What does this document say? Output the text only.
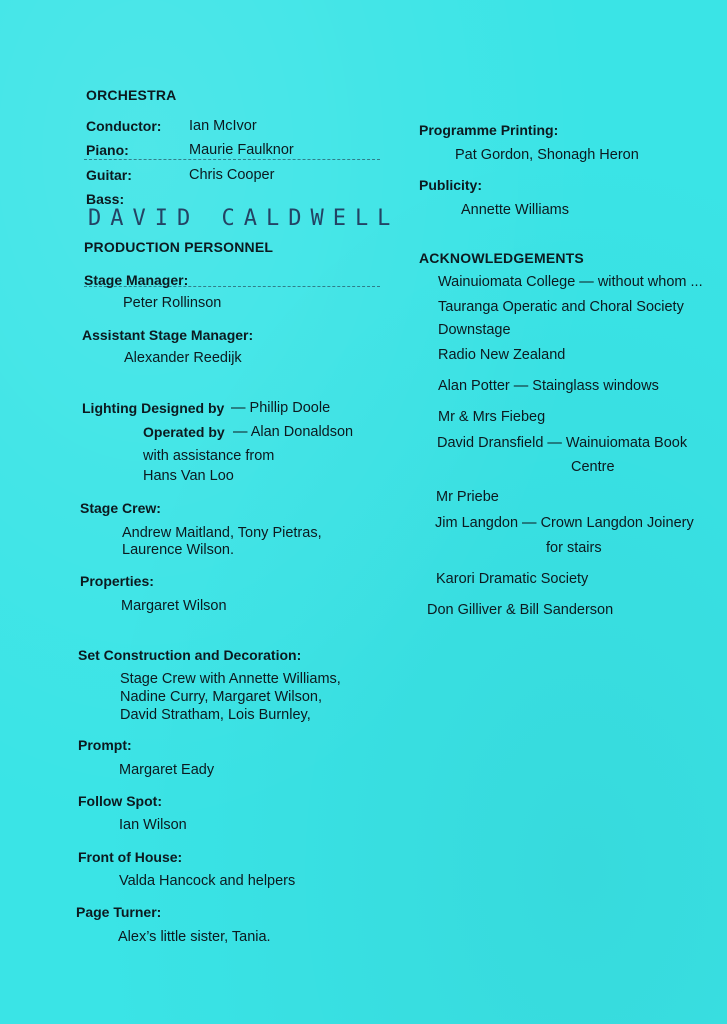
ORCHESTRA
Conductor: Ian McIvor
Piano:	Maurie Faulknor
Guitar:	Chris Cooper
Bass:
DAVID CALDWELL
PRODUCTION PERSONNEL
Stage Manager:
Peter Rollinson
Assistant Stage Manager:
Alexander Reedijk
Lighting Designed by — Phillip Doole
Operated by — Alan Donaldson
with assistance from
Hans Van Loo
Stage Crew:
Andrew Maitland, Tony Pietras,
Laurence Wilson.
Properties:
Margaret Wilson
Set Construction and Decoration:
Stage Crew with Annette Williams,
Nadine Curry, Margaret Wilson,
David Stratham, Lois Burnley,
Prompt:
Margaret Eady
Follow Spot:
Ian Wilson
Front of House:
Valda Hancock and helpers
Page Turner:
Alex’s little sister, Tania.
Programme Printing:
Pat Gordon, Shonagh Heron
Publicity:
Annette Williams
ACKNOWLEDGEMENTS
Wainuiomata College — without whom ...
Tauranga Operatic and Choral Society
Downstage
Radio New Zealand
Alan Potter — Stainglass windows
Mr & Mrs Fiebeg
David Dransfield — Wainuiomata Book
Centre
Mr Priebe
Jim Langdon — Crown Langdon Joinery
for stairs
Karori Dramatic Society
Don Gilliver & Bill Sanderson
